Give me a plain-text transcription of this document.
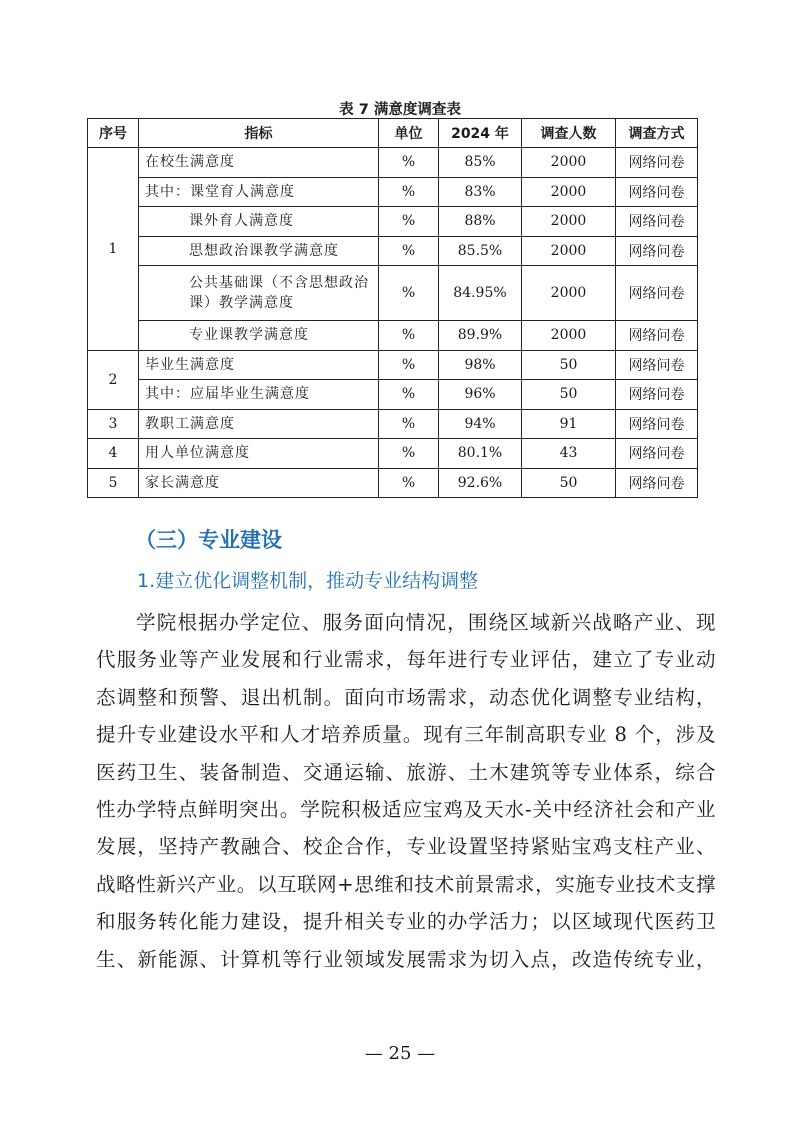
表 7 满意度调查表
序号	指标	单位	2024 年	调查人数	调查方式
1	在校生满意度	%	85%	2000	网络问卷
	其中：课堂育人满意度	%	83%	2000	网络问卷
	课外育人满意度	%	88%	2000	网络问卷
	思想政治课教学满意度	%	85.5%	2000	网络问卷
	公共基础课（不含思想政治课）教学满意度	%	84.95%	2000	网络问卷
	专业课教学满意度	%	89.9%	2000	网络问卷
2	毕业生满意度	%	98%	50	网络问卷
	其中：应届毕业生满意度	%	96%	50	网络问卷
3	教职工满意度	%	94%	91	网络问卷
4	用人单位满意度	%	80.1%	43	网络问卷
5	家长满意度	%	92.6%	50	网络问卷
（三）专业建设
1.建立优化调整机制，推动专业结构调整
学院根据办学定位、服务面向情况，围绕区域新兴战略产业、现
代服务业等产业发展和行业需求，每年进行专业评估，建立了专业动
态调整和预警、退出机制。面向市场需求，动态优化调整专业结构，
提升专业建设水平和人才培养质量。现有三年制高职专业 8 个，涉及
医药卫生、装备制造、交通运输、旅游、土木建筑等专业体系，综合
性办学特点鲜明突出。学院积极适应宝鸡及天水-关中经济社会和产业
发展，坚持产教融合、校企合作，专业设置坚持紧贴宝鸡支柱产业、
战略性新兴产业。以互联网+思维和技术前景需求，实施专业技术支撑
和服务转化能力建设，提升相关专业的办学活力；以区域现代医药卫
生、新能源、计算机等行业领域发展需求为切入点，改造传统专业，
— 25 —
